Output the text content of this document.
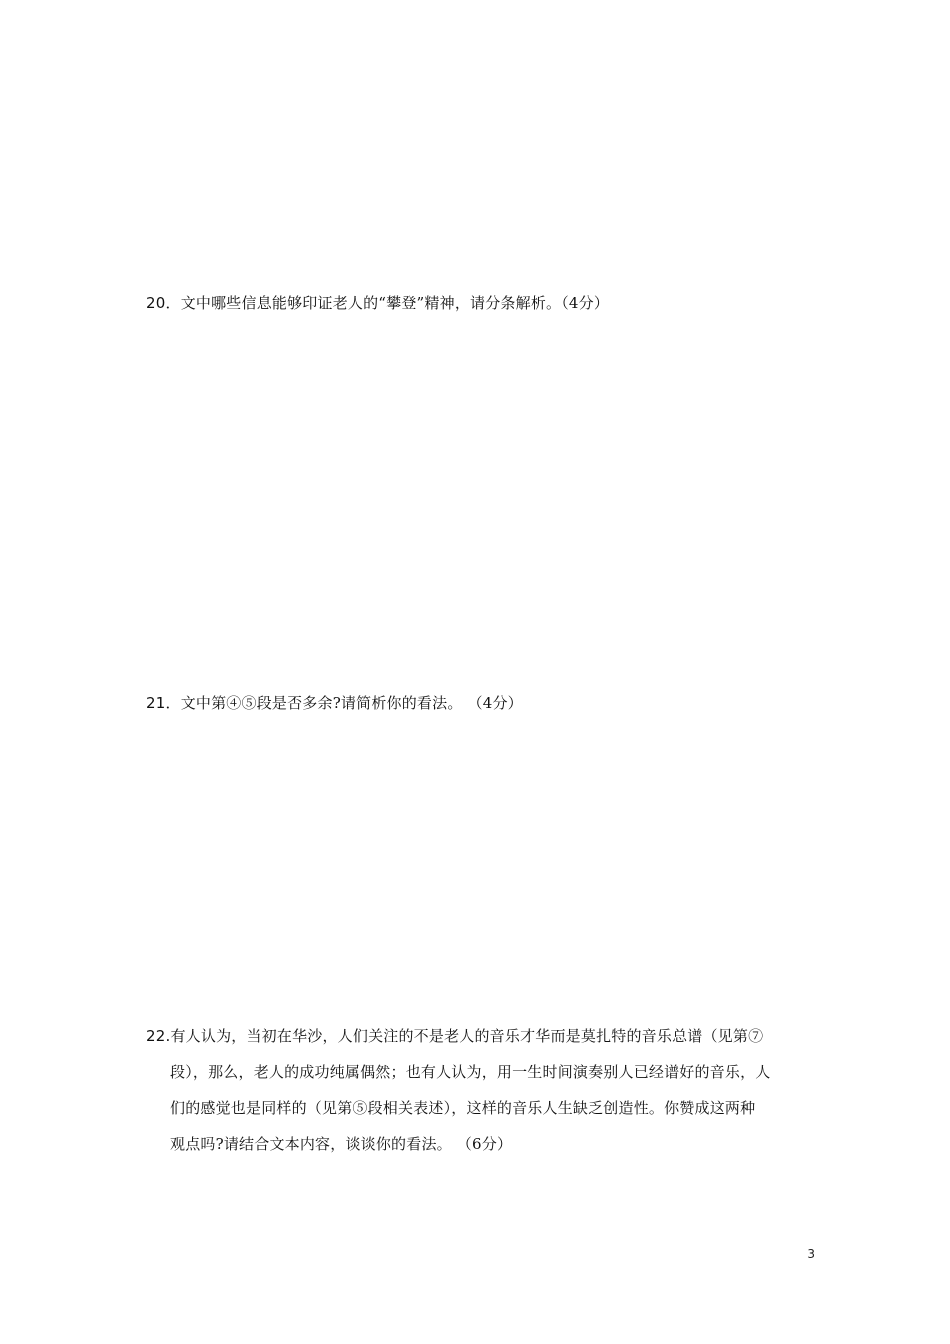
20．文中哪些信息能够印证老人的“攀登”精神，请分条解析。（4分）
21．文中第④⑤段是否多余?请简析你的看法。 （4分）
22.有人认为，当初在华沙，人们关注的不是老人的音乐才华而是莫扎特的音乐总谱（见第⑦
段），那么，老人的成功纯属偶然；也有人认为，用一生时间演奏别人已经谱好的音乐，人
们的感觉也是同样的（见第⑤段相关表述），这样的音乐人生缺乏创造性。你赞成这两种
观点吗?请结合文本内容，谈谈你的看法。 （6分）
3
